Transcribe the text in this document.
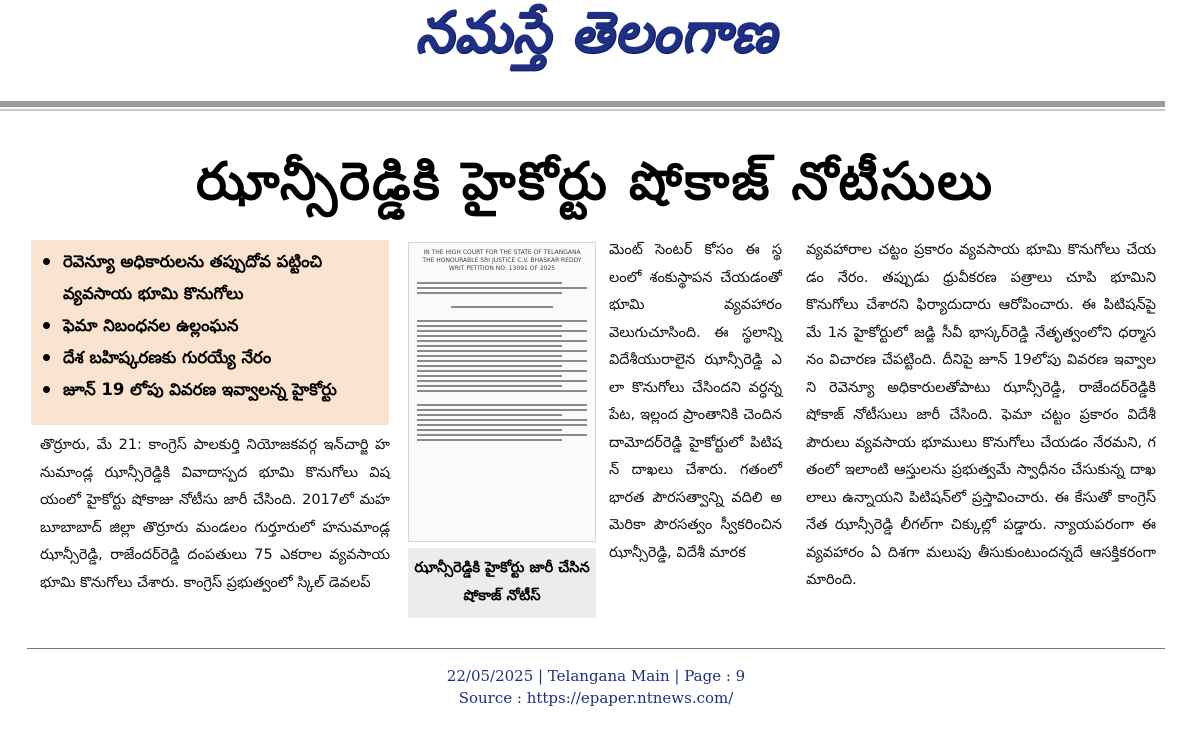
నమస్తే తెలంగాణ
ఝాన్సీరెడ్డికి హైకోర్టు షోకాజ్ నోటీసులు
రెవెన్యూ అధికారులను తప్పుదోవ పట్టించి వ్యవసాయ భూమి కొనుగోలు
ఫెమా నిబంధనల ఉల్లంఘన
దేశ బహిష్కరణకు గురయ్యే నేరం
జూన్ 19 లోపు వివరణ ఇవ్వాలన్న హైకోర్టు
తొర్రూరు, మే 21: కాంగ్రెస్ పాలకుర్తి నియోజకవర్గ ఇన్‌చార్జి హనుమాండ్ల ఝాన్సీరెడ్డికి వివాదాస్పద భూమి కొనుగోలు విషయంలో హైకోర్టు షోకాజు నోటీసు జారీ చేసింది. 2017లో మహబూబాబాద్ జిల్లా తొర్రూరు మండలం గుర్తూరులో హనుమాండ్ల ఝాన్సీరెడ్డి, రాజేందర్‌రెడ్డి దంపతులు 75 ఎకరాల వ్యవసాయ భూమి కొనుగోలు చేశారు. కాంగ్రెస్ ప్రభుత్వంలో స్కిల్ డెవలప్
IN THE HIGH COURT FOR THE STATE OF TELANGANA
THE HONOURABLE SRI JUSTICE C.V. BHASKAR REDDY
WRIT PETITION NO: 13091 OF 2025
ఝాన్సీరెడ్డికి హైకోర్టు జారీ చేసిన షోకాజ్ నోటీస్
మెంట్ సెంటర్ కోసం ఈ స్థలంలో శంకుస్థాపన చేయడంతో భూమి వ్యవహారం వెలుగుచూసింది. ఈ స్థలాన్ని విదేశీయురాలైన ఝాన్సీరెడ్డి ఎలా కొనుగోలు చేసిందని వర్ధన్నపేట, ఇల్లంద ప్రాంతానికి చెందిన దామోదర్‌రెడ్డి హైకోర్టులో పిటిషన్ దాఖలు చేశారు. గతంలో భారత పౌరసత్వాన్ని వదిలి అమెరికా పౌరసత్వం స్వీకరించిన ఝాన్సీరెడ్డి, విదేశీ మారక
వ్యవహారాల చట్టం ప్రకారం వ్యవసాయ భూమి కొనుగోలు చేయడం నేరం. తప్పుడు ధ్రువీకరణ పత్రాలు చూపి భూమిని కొనుగోలు చేశారని ఫిర్యాదుదారు ఆరోపించారు. ఈ పిటిషన్‌పై మే 1న హైకోర్టులో జడ్జి సీవీ భాస్కర్‌రెడ్డి నేతృత్వంలోని ధర్మాసనం విచారణ చేపట్టింది. దీనిపై జూన్ 19లోపు వివరణ ఇవ్వాలని రెవెన్యూ అధికారులతోపాటు ఝాన్సీరెడ్డి, రాజేందర్‌రెడ్డికి షోకాజ్ నోటీసులు జారీ చేసింది. ఫెమా చట్టం ప్రకారం విదేశీ పౌరులు వ్యవసాయ భూములు కొనుగోలు చేయడం నేరమని, గతంలో ఇలాంటి ఆస్తులను ప్రభుత్వమే స్వాధీనం చేసుకున్న దాఖలాలు ఉన్నాయని పిటిషన్‌లో ప్రస్తావించారు. ఈ కేసుతో కాంగ్రెస్ నేత ఝాన్సీరెడ్డి లీగల్‌గా చిక్కుల్లో పడ్డారు. న్యాయపరంగా ఈ వ్యవహారం ఏ దిశగా మలుపు తీసుకుంటుందన్నదే ఆసక్తికరంగా మారింది.
22/05/2025 | Telangana Main | Page : 9
Source : https://epaper.ntnews.com/
